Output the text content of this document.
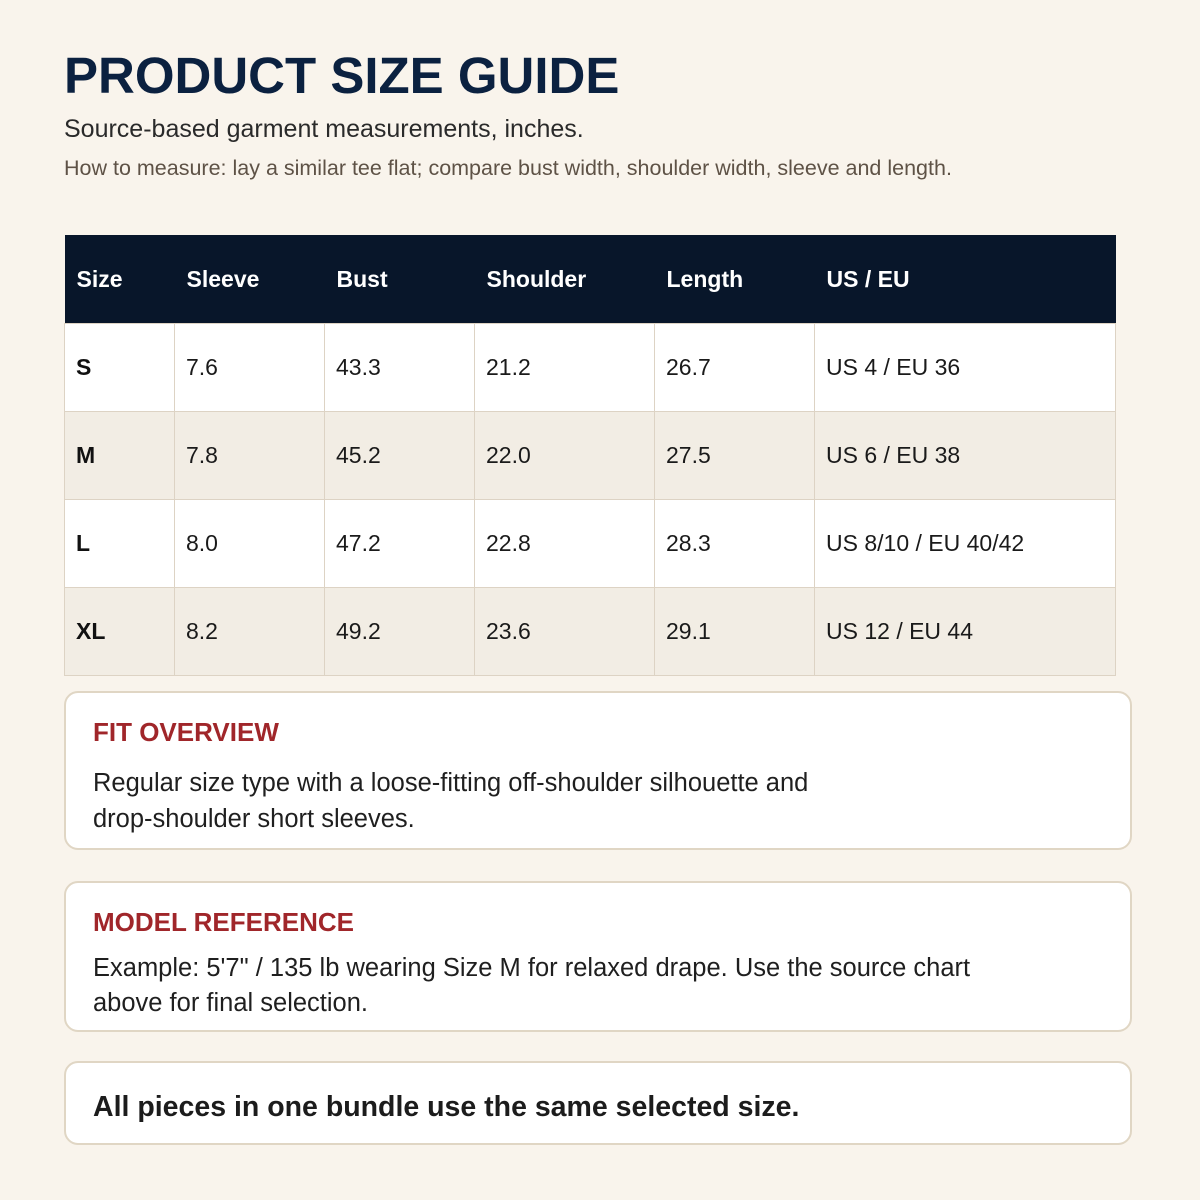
PRODUCT SIZE GUIDE
Source-based garment measurements, inches.
How to measure: lay a similar tee flat; compare bust width, shoulder width, sleeve and length.
Size	Sleeve	Bust	Shoulder	Length	US / EU
S	7.6	43.3	21.2	26.7	US 4 / EU 36
M	7.8	45.2	22.0	27.5	US 6 / EU 38
L	8.0	47.2	22.8	28.3	US 8/10 / EU 40/42
XL	8.2	49.2	23.6	29.1	US 12 / EU 44
FIT OVERVIEW
Regular size type with a loose-fitting off-shoulder silhouette and
drop-shoulder short sleeves.
MODEL REFERENCE
Example: 5'7" / 135 lb wearing Size M for relaxed drape. Use the source chart
above for final selection.
All pieces in one bundle use the same selected size.
